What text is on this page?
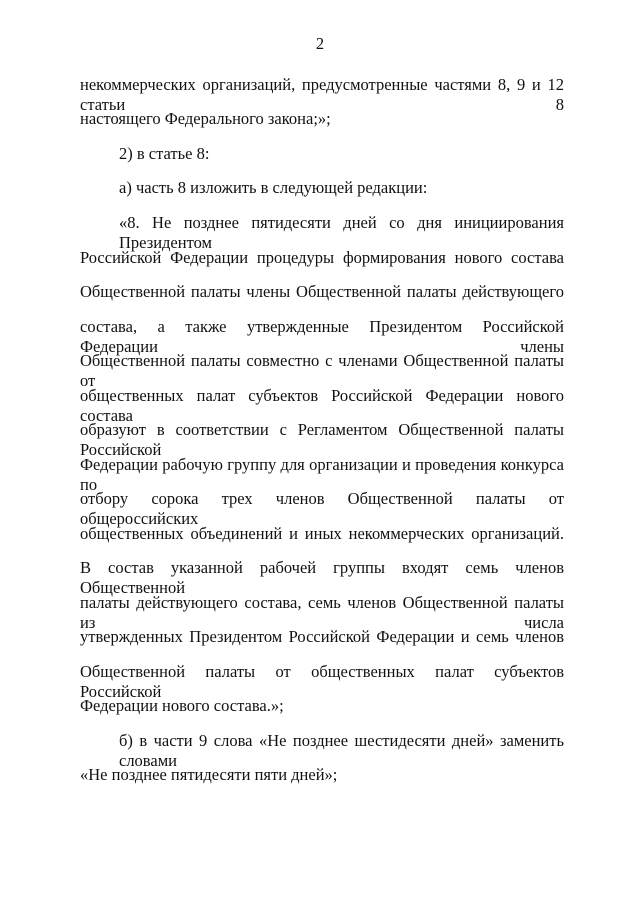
2
некоммерческих организаций, предусмотренные частями 8, 9 и 12 статьи 8
настоящего Федерального закона;»;
2) в статье 8:
а) часть 8 изложить в следующей редакции:
«8. Не позднее пятидесяти дней со дня инициирования Президентом
Российской Федерации процедуры формирования нового состава
Общественной палаты члены Общественной палаты действующего
состава, а также утвержденные Президентом Российской Федерации члены
Общественной палаты совместно с членами Общественной палаты от
общественных палат субъектов Российской Федерации нового состава
образуют в соответствии с Регламентом Общественной палаты Российской
Федерации рабочую группу для организации и проведения конкурса по
отбору сорока трех членов Общественной палаты от общероссийских
общественных объединений и иных некоммерческих организаций.
В состав указанной рабочей группы входят семь членов Общественной
палаты действующего состава, семь членов Общественной палаты из числа
утвержденных Президентом Российской Федерации и семь членов
Общественной палаты от общественных палат субъектов Российской
Федерации нового состава.»;
б) в части 9 слова «Не позднее шестидесяти дней» заменить словами
«Не позднее пятидесяти пяти дней»;
